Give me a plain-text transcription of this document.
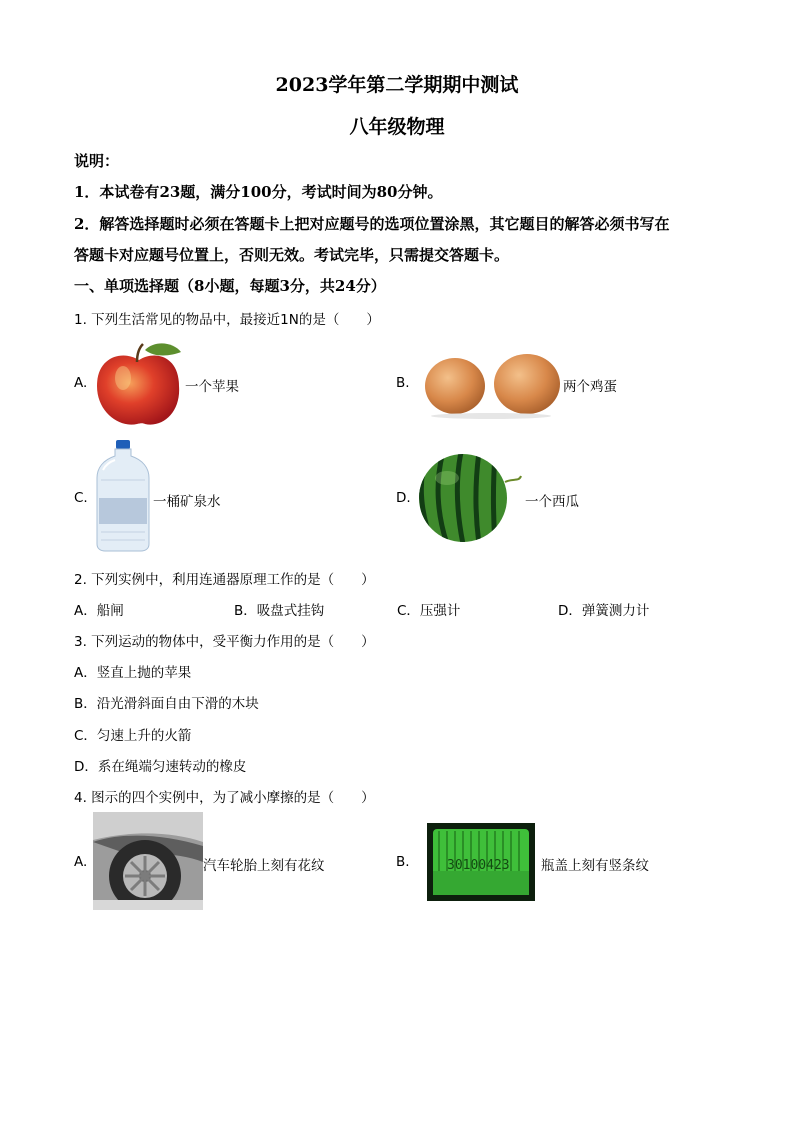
2023学年第二学期期中测试
八年级物理
说明：
1．本试卷有23题，满分100分，考试时间为80分钟。
2．解答选择题时必须在答题卡上把对应题号的选项位置涂黑，其它题目的解答必须书写在
答题卡对应题号位置上，否则无效。考试完毕，只需提交答题卡。
一、单项选择题（8小题，每题3分，共24分）
1. 下列生活常见的物品中，最接近1N的是（　　）
A.	一个苹果	B.	两个鸡蛋
C.	一桶矿泉水	D.	一个西瓜
2. 下列实例中，利用连通器原理工作的是（　　）
A．船闸	B．吸盘式挂钩	C．压强计	D．弹簧测力计
3. 下列运动的物体中，受平衡力作用的是（　　）
A．竖直上抛的苹果
B．沿光滑斜面自由下滑的木块
C．匀速上升的火箭
D．系在绳端匀速转动的橡皮
4. 图示的四个实例中，为了减小摩擦的是（　　）
A.	汽车轮胎上刻有花纹	B.	30100423 瓶盖上刻有竖条纹
